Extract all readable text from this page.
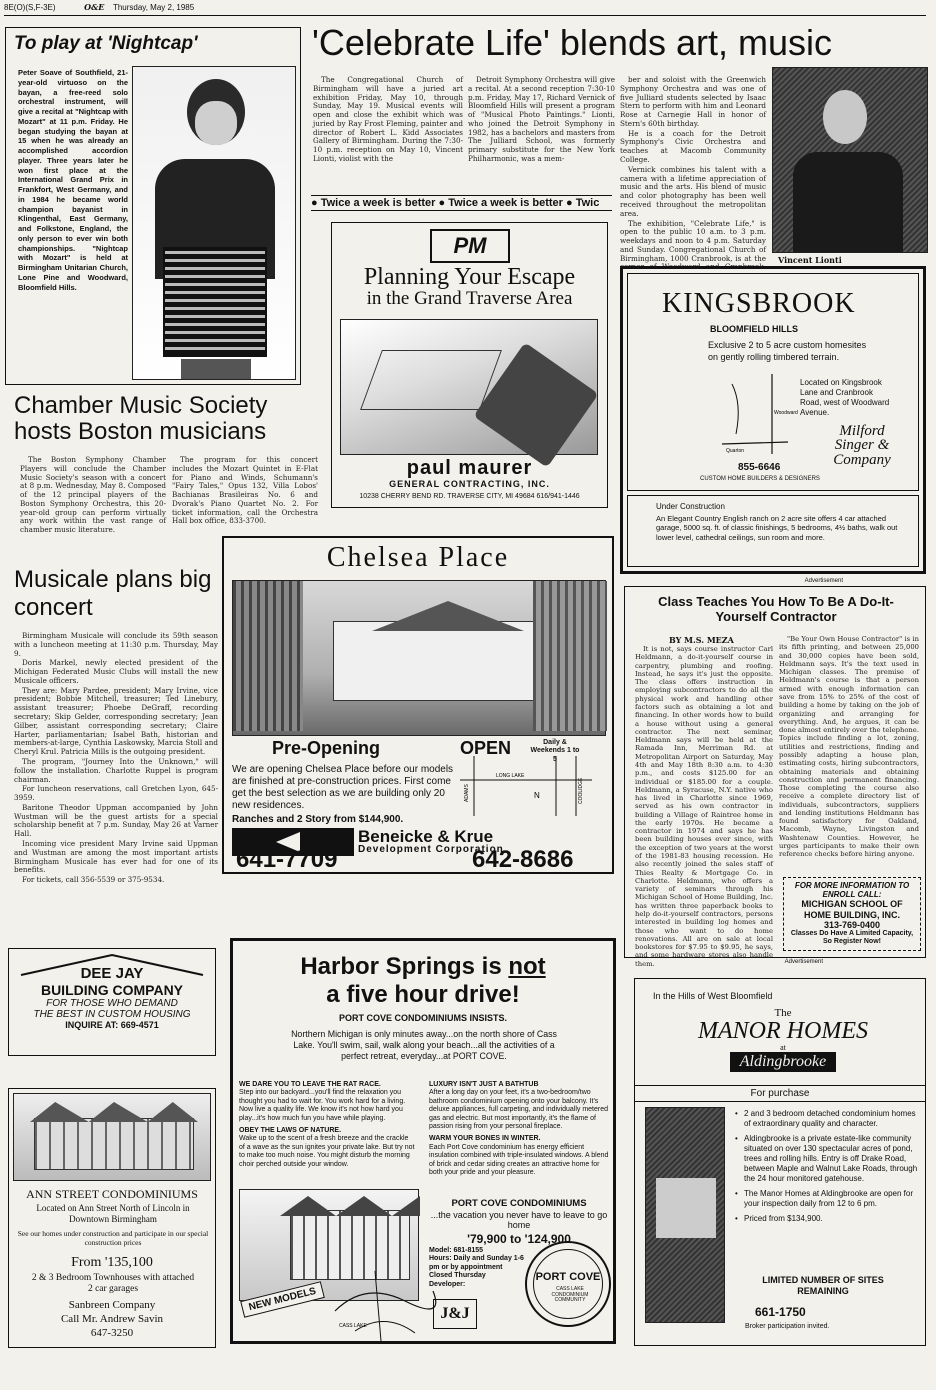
8E(O)(S,F-3E)	O&E Thursday, May 2, 1985
To play at 'Nightcap'
Peter Soave of Southfield, 21-year-old virtuoso on the bayan, a free-reed solo orchestral instrument, will give a recital at "Nightcap with Mozart" at 11 p.m. Friday. He began studying the bayan at 15 when he was already an accomplished accordion player. Three years later he won first place at the International Grand Prix in Frankfort, West Germany, and in 1984 he became world champion bayanist in Klingenthal, East Germany, and Folkstone, England, the only person to ever win both championships. "Nightcap with Mozart" is held at Birmingham Unitarian Church, Lone Pine and Woodward, Bloomfield Hills.
'Celebrate Life' blends art, music

The Congregational Church of Birmingham will have a juried art exhibition Friday, May 10, through Sunday, May 19. Musical events will open and close the exhibit which was juried by Ray Frost Fleming, painter and director of Robert L. Kidd Associates Gallery of Birmingham. During the 7:30-10 p.m. reception on May 10, Vincent Lionti, violist with the

Detroit Symphony Orchestra will give a recital. At a second reception 7:30-10 p.m. Friday, May 17, Richard Vernick of Bloomfield Hills will present a program of "Musical Photo Paintings." Lionti, who joined the Detroit Symphony in 1982, has a bachelors and masters from The Julliard School, was formerly primary substitute for the New York Philharmonic, was a mem-

ber and soloist with the Greenwich Symphony Orchestra and was one of five Julliard students selected by Isaac Stern to perform with him and Leonard Rose at Carnegie Hall in honor of Stern's 60th birthday.

He is a coach for the Detroit Symphony's Civic Orchestra and teaches at Macomb Community College.

Vernick combines his talent with a camera with a lifetime appreciation of music and the arts. His blend of music and color photography has been well received throughout the metropolitan area.

The exhibition, "Celebrate Life," is open to the public 10 a.m. to 3 p.m. weekdays and noon to 4 p.m. Saturday and Sunday. Congregational Church of Birmingham, 1000 Cranbrook, is at the Vincent Lionti
● Twice a week is better ● Twice a week is better ● Twic
PM
Planning Your Escape
in the Grand Traverse Area
paul maurer
GENERAL CONTRACTING, INC.
10238 CHERRY BEND RD. TRAVERSE CITY, MI 49684 616/941-1446
Chamber Music Society hosts Boston musicians

The Boston Symphony Chamber Players will conclude the Chamber Music Society's season with a concert at 8 p.m. Wednesday, May 8. Composed of the 12 principal players of the Boston Symphony Orchestra, this 20-year-old group can perform virtually any work within the vast range of chamber music literature.

The program for this concert includes the Mozart Quintet in E-Flat for Piano and Winds, Schumann's "Fairy Tales," Opus 132, Villa Lobos' Bachianas Brasileiras No. 6 and Dvorak's Piano Quartet No. 2. For ticket information, call the Orchestra Hall box office, 833-3700.

KINGSBROOK
BLOOMFIELD HILLS
Exclusive 2 to 5 acre custom homesites
on gently rolling timbered terrain.
Woodward
Quarton
Located on Kingsbrook Lane and Cranbrook Road, west of Woodward Avenue.
Milford
Singer &
Company
855-6646
CUSTOM HOME BUILDERS & DESIGNERS
Under Construction
An Elegant Country English ranch on 2 acre site offers 4 car attached garage, 5000 sq. ft. of classic finishings, 5 bedrooms, 4½ baths, walk out lower level, cathedral ceilings, sun room and more.
Musicale plans big concert

Birmingham Musicale will conclude its 59th season with a luncheon meeting at 11:30 p.m. Thursday, May 9.

Doris Markel, newly elected president of the Michigan Federated Music Clubs will install the new Musicale officers.

They are: Mary Pardee, president; Mary Irvine, vice president; Bobbie Mitchell, treasurer; Ted Linebury, assistant treasurer; Phoebe DeGraff, recording secretary; Skip Gelder, corresponding secretary; Jean Gilber, assistant corresponding secretary; Claire Harter, parliamentarian; Isabel Bath, historian and members-at-large, Cynthia Laskowsky, Marcia Stoll and Cheryl Krul. Patricia Mills is the outgoing president.

The program, "Journey Into the Unknown," will follow the installation. Charlotte Ruppel is program chairman.

For luncheon reservations, call Gretchen Lyon, 645-3959.

Baritone Theodor Uppman accompanied by John Wustman will be the guest artists for a special scholarship benefit at 7 p.m. Sunday, May 26 at Varner Hall.

Incoming vice president Mary Irvine said Uppman and Wustman are among the most important artists Birmingham Musicale has ever had for one of its benefits.

For tickets, call 356-5539 or 375-9534.

Chelsea Place
Pre-Opening	OPEN	Daily & Weekends 1 to 5
We are opening Chelsea Place before our models are finished at pre-construction prices. First come get the best selection as we are building only 20 new residences.
Ranches and 2 Story from $144,900.
ADAMS
LONG LAKE
COOLIDGE
N
Beneicke & Krue
Development Corporation
641-7709	642-8686
Advertisement
Class Teaches You How To Be A Do-It-Yourself Contractor
BY M.S. MEZA

It is not, says course instructor Carl Heldmann, a do-it-yourself course in carpentry, plumbing and roofing. Instead, he says it's just the opposite. The class offers instruction in employing subcontractors to do all the physical work and handling other factors such as obtaining a lot and financing. In other words how to build a house without using a general contractor. The next seminar, Heldmann says will be held at the Ramada Inn, Merriman Rd. at Metropolitan Airport on Saturday, May 4th and May 18th 8:30 a.m. to 4:30 p.m., and costs $125.00 for an individual or $185.00 for a couple. Heldmann, a Syracuse, N.Y. native who has lived in Charlotte since 1969, served as his own contractor in building a Village of Raintree home in the early 1970s. He became a contractor in 1974 and says he has been building houses ever since, with the exception of two years at the worst of the 1981-83 housing recession. He also recently joined the sales staff of Thies Realty & Mortgage Co. in Charlotte. Heldmann, who offers a variety of seminars through his Michigan School of Home Building, Inc. has written three paperback books to help do-it-yourself contractors, persons interested in building log homes and those who want to do home renovations. All are on sale at local bookstores for $7.95 to $9.95, he says, and some hardware stores also handle them.

"Be Your Own House Contractor" is in its fifth printing, and between 25,000 and 30,000 copies have been sold, Heldmann says. It's the text used in Michigan classes. The premise of Heldmann's course is that a person armed with enough information can save from 15% to 25% of the cost of building a home by taking on the job of organizing and arranging for everything. And, he argues, it can be done almost entirely over the telephone. Topics include finding a lot, zoning, utilities and restrictions, finding and possibly adapting a house plan, estimating costs, hiring subcontractors, obtaining materials and obtaining construction and permanent financing. Those completing the course also receive a complete directory list of individuals, subcontractors, suppliers and lending institutions Heldmann has found satisfactory for Oakland, Macomb, Wayne, Livingston and Washtenaw Counties. However, he urges participants to make their own reference checks before hiring anyone.

FOR MORE INFORMATION TO ENROLL CALL:
MICHIGAN SCHOOL OF HOME BUILDING, INC.
313-769-0400
Classes Do Have A Limited Capacity, So Register Now!
Advertisement
DEE JAY
BUILDING COMPANY
FOR THOSE WHO DEMAND
THE BEST IN CUSTOM HOUSING
INQUIRE AT: 669-4571
ANN STREET CONDOMINIUMS
Located on Ann Street North of Lincoln in Downtown Birmingham
See our homes under construction and participate in our special construction prices
From '135,100
2 & 3 Bedroom Townhouses with attached 2 car garages
Sanbreen Company
Call Mr. Andrew Savin
647-3250
Harbor Springs is not
a five hour drive!
PORT COVE CONDOMINIUMS INSISTS.
Northern Michigan is only minutes away...on the north shore of Cass Lake. You'll swim, sail, walk along your beach...all the activities of a perfect retreat, everyday...at PORT COVE.
WE DARE YOU TO LEAVE THE RAT RACE.
Step into our backyard...you'll find the relaxation you thought you had to wait for. You work hard for a living. Now live a quality life. We know it's not how hard you play...it's how much fun you have while playing.
OBEY THE LAWS OF NATURE.
Wake up to the scent of a fresh breeze and the crackle of a wave as the sun ignites your private lake. But try not to make too much noise. You might disturb the morning choir perched outside your window.
LUXURY ISN'T JUST A BATHTUB
After a long day on your feet, it's a two-bedroom/two bathroom condominium opening onto your balcony. It's deluxe appliances, full carpeting, and individually metered gas and electric. But most importantly, it's the flame of passion rising from your personal fireplace.
WARM YOUR BONES IN WINTER.
Each Port Cove condominium has energy efficient insulation combined with triple-insulated windows. A blend of brick and cedar siding creates an attractive home for both your pride and your pleasure.
PORT COVE CONDOMINIUMS
...the vacation you never have to leave to go home
'79,900 to '124,900
NEW MODELS
CASS LAKE
Model: 681-8155
Hours: Daily and Sunday 1-6 pm or by appointment Closed Thursday
Developer:
J&J
PORT COVE
CASS LAKE CONDOMINIUM COMMUNITY
In the Hills of West Bloomfield
The
MANOR HOMES
at
Aldingbrooke
For purchase
• 2 and 3 bedroom detached condominium homes of extraordinary quality and character.
• Aldingbrooke is a private estate-like community situated on over 130 spectacular acres of pond, trees and rolling hills. Entry is off Drake Road, between Maple and Walnut Lake Roads, through the 24 hour monitored gatehouse.
• The Manor Homes at Aldingbrooke are open for your inspection daily from 12 to 6 pm.
• Priced from $134,900.
LIMITED NUMBER OF SITES REMAINING
661-1750
Broker participation invited.
